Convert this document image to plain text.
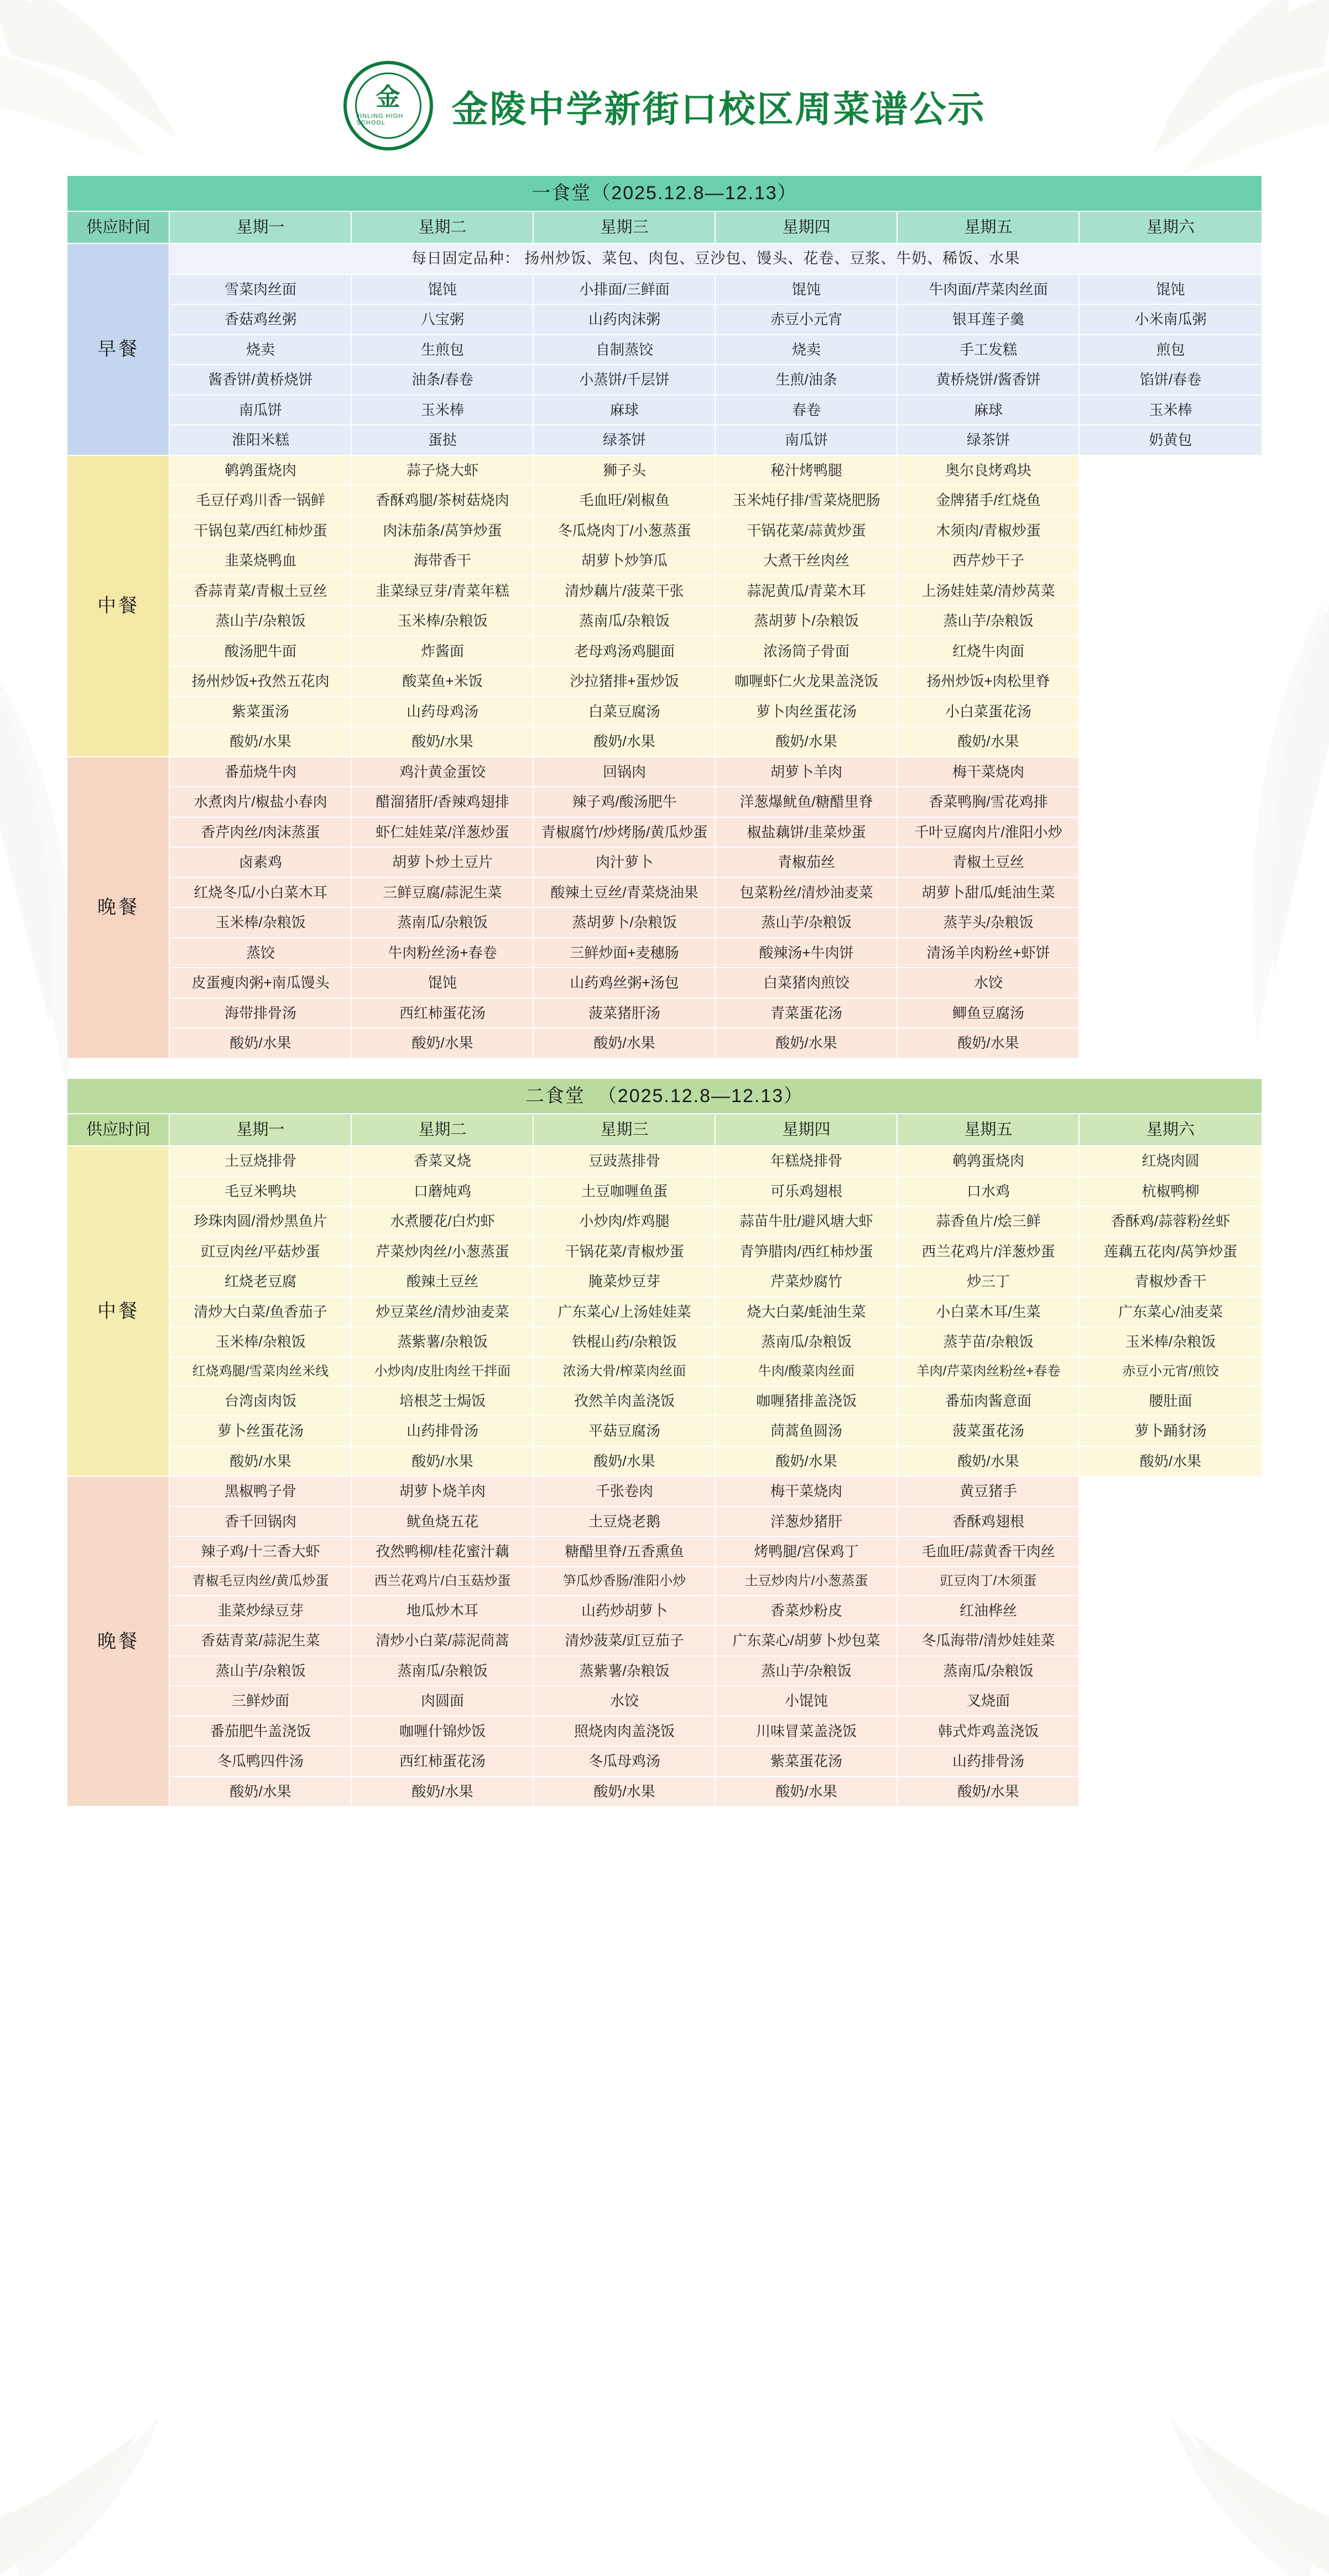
金
JINLING HIGH SCHOOL	金陵中学新街口校区周菜谱公示
一食堂（2025.12.8—12.13）						
供应时间	星期一	星期二	星期三	星期四	星期五	星期六
早餐	每日固定品种： 扬州炒饭、菜包、肉包、豆沙包、馒头、花卷、豆浆、牛奶、稀饭、水果					
	雪菜肉丝面	馄饨	小排面/三鲜面	馄饨	牛肉面/芹菜肉丝面	馄饨
	香菇鸡丝粥	八宝粥	山药肉沫粥	赤豆小元宵	银耳莲子羹	小米南瓜粥
	烧卖	生煎包	自制蒸饺	烧卖	手工发糕	煎包
	酱香饼/黄桥烧饼	油条/春卷	小蒸饼/千层饼	生煎/油条	黄桥烧饼/酱香饼	馅饼/春卷
	南瓜饼	玉米棒	麻球	春卷	麻球	玉米棒
	淮阳米糕	蛋挞	绿茶饼	南瓜饼	绿茶饼	奶黄包
中餐	鹌鹑蛋烧肉	蒜子烧大虾	狮子头	秘汁烤鸭腿	奥尔良烤鸡块	
	毛豆仔鸡川香一锅鲜	香酥鸡腿/茶树菇烧肉	毛血旺/剁椒鱼	玉米炖仔排/雪菜烧肥肠	金牌猪手/红烧鱼	
	干锅包菜/西红柿炒蛋	肉沫茄条/莴笋炒蛋	冬瓜烧肉丁/小葱蒸蛋	干锅花菜/蒜黄炒蛋	木须肉/青椒炒蛋	
	韭菜烧鸭血	海带香干	胡萝卜炒笋瓜	大煮干丝肉丝	西芹炒干子	
	香蒜青菜/青椒土豆丝	韭菜绿豆芽/青菜年糕	清炒藕片/菠菜干张	蒜泥黄瓜/青菜木耳	上汤娃娃菜/清炒莴菜	
	蒸山芋/杂粮饭	玉米棒/杂粮饭	蒸南瓜/杂粮饭	蒸胡萝卜/杂粮饭	蒸山芋/杂粮饭	
	酸汤肥牛面	炸酱面	老母鸡汤鸡腿面	浓汤筒子骨面	红烧牛肉面	
	扬州炒饭+孜然五花肉	酸菜鱼+米饭	沙拉猪排+蛋炒饭	咖喱虾仁火龙果盖浇饭	扬州炒饭+肉松里脊	
	紫菜蛋汤	山药母鸡汤	白菜豆腐汤	萝卜肉丝蛋花汤	小白菜蛋花汤	
	酸奶/水果	酸奶/水果	酸奶/水果	酸奶/水果	酸奶/水果	
晚餐	番茄烧牛肉	鸡汁黄金蛋饺	回锅肉	胡萝卜羊肉	梅干菜烧肉	
	水煮肉片/椒盐小春肉	醋溜猪肝/香辣鸡翅排	辣子鸡/酸汤肥牛	洋葱爆鱿鱼/糖醋里脊	香菜鸭胸/雪花鸡排	
	香芹肉丝/肉沫蒸蛋	虾仁娃娃菜/洋葱炒蛋	青椒腐竹/炒烤肠/黄瓜炒蛋	椒盐藕饼/韭菜炒蛋	千叶豆腐肉片/淮阳小炒	
	卤素鸡	胡萝卜炒土豆片	肉汁萝卜	青椒茄丝	青椒土豆丝	
	红烧冬瓜/小白菜木耳	三鲜豆腐/蒜泥生菜	酸辣土豆丝/青菜烧油果	包菜粉丝/清炒油麦菜	胡萝卜甜瓜/蚝油生菜	
	玉米棒/杂粮饭	蒸南瓜/杂粮饭	蒸胡萝卜/杂粮饭	蒸山芋/杂粮饭	蒸芋头/杂粮饭	
	蒸饺	牛肉粉丝汤+春卷	三鲜炒面+麦穗肠	酸辣汤+牛肉饼	清汤羊肉粉丝+虾饼	
	皮蛋瘦肉粥+南瓜馒头	馄饨	山药鸡丝粥+汤包	白菜猪肉煎饺	水饺	
	海带排骨汤	西红柿蛋花汤	菠菜猪肝汤	青菜蛋花汤	鲫鱼豆腐汤	
	酸奶/水果	酸奶/水果	酸奶/水果	酸奶/水果	酸奶/水果	
二食堂 （2025.12.8—12.13）						
供应时间	星期一	星期二	星期三	星期四	星期五	星期六
中餐	土豆烧排骨	香菜叉烧	豆豉蒸排骨	年糕烧排骨	鹌鹑蛋烧肉	红烧肉圆
	毛豆米鸭块	口蘑炖鸡	土豆咖喱鱼蛋	可乐鸡翅根	口水鸡	杭椒鸭柳
	珍珠肉圆/滑炒黑鱼片	水煮腰花/白灼虾	小炒肉/炸鸡腿	蒜苗牛肚/避风塘大虾	蒜香鱼片/烩三鲜	香酥鸡/蒜蓉粉丝虾
	豇豆肉丝/平菇炒蛋	芹菜炒肉丝/小葱蒸蛋	干锅花菜/青椒炒蛋	青笋腊肉/西红柿炒蛋	西兰花鸡片/洋葱炒蛋	莲藕五花肉/莴笋炒蛋
	红烧老豆腐	酸辣土豆丝	腌菜炒豆芽	芹菜炒腐竹	炒三丁	青椒炒香干
	清炒大白菜/鱼香茄子	炒豆菜丝/清炒油麦菜	广东菜心/上汤娃娃菜	烧大白菜/蚝油生菜	小白菜木耳/生菜	广东菜心/油麦菜
	玉米棒/杂粮饭	蒸紫薯/杂粮饭	铁棍山药/杂粮饭	蒸南瓜/杂粮饭	蒸芋苗/杂粮饭	玉米棒/杂粮饭
	红烧鸡腿/雪菜肉丝米线	小炒肉/皮肚肉丝干拌面	浓汤大骨/榨菜肉丝面	牛肉/酸菜肉丝面	羊肉/芹菜肉丝粉丝+春卷	赤豆小元宵/煎饺
	台湾卤肉饭	培根芝士焗饭	孜然羊肉盖浇饭	咖喱猪排盖浇饭	番茄肉酱意面	腰肚面
	萝卜丝蛋花汤	山药排骨汤	平菇豆腐汤	茼蒿鱼圆汤	菠菜蛋花汤	萝卜踊豺汤
	酸奶/水果	酸奶/水果	酸奶/水果	酸奶/水果	酸奶/水果	酸奶/水果
晚餐	黑椒鸭子骨	胡萝卜烧羊肉	千张卷肉	梅干菜烧肉	黄豆猪手	
	香千回锅肉	鱿鱼烧五花	土豆烧老鹅	洋葱炒猪肝	香酥鸡翅根	
	辣子鸡/十三香大虾	孜然鸭柳/桂花蜜汁藕	糖醋里脊/五香熏鱼	烤鸭腿/宫保鸡丁	毛血旺/蒜黄香干肉丝	
	青椒毛豆肉丝/黄瓜炒蛋	西兰花鸡片/白玉菇炒蛋	笋瓜炒香肠/淮阳小炒	土豆炒肉片/小葱蒸蛋	豇豆肉丁/木须蛋	
	韭菜炒绿豆芽	地瓜炒木耳	山药炒胡萝卜	香菜炒粉皮	红油桦丝	
	香菇青菜/蒜泥生菜	清炒小白菜/蒜泥茼蒿	清炒菠菜/豇豆茄子	广东菜心/胡萝卜炒包菜	冬瓜海带/清炒娃娃菜	
	蒸山芋/杂粮饭	蒸南瓜/杂粮饭	蒸紫薯/杂粮饭	蒸山芋/杂粮饭	蒸南瓜/杂粮饭	
	三鲜炒面	肉圆面	水饺	小馄饨	叉烧面	
	番茄肥牛盖浇饭	咖喱什锦炒饭	照烧肉肉盖浇饭	川味冒菜盖浇饭	韩式炸鸡盖浇饭	
	冬瓜鸭四件汤	西红柿蛋花汤	冬瓜母鸡汤	紫菜蛋花汤	山药排骨汤	
	酸奶/水果	酸奶/水果	酸奶/水果	酸奶/水果	酸奶/水果	
